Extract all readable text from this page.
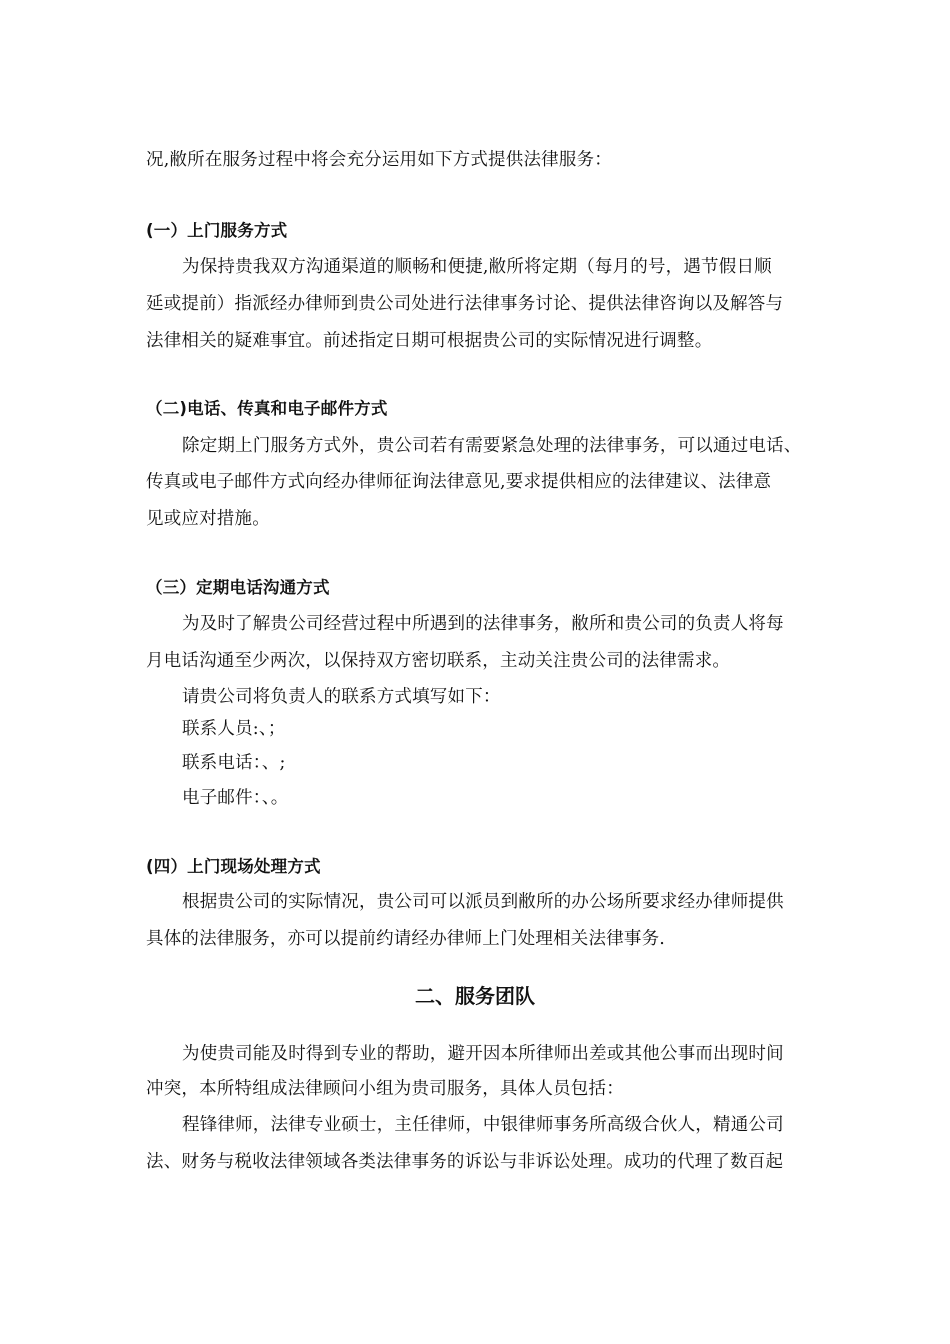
况,敝所在服务过程中将会充分运用如下方式提供法律服务：
(一）上门服务方式
为保持贵我双方沟通渠道的顺畅和便捷,敝所将定期（每月的号，遇节假日顺
延或提前）指派经办律师到贵公司处进行法律事务讨论、提供法律咨询以及解答与
法律相关的疑难事宜。前述指定日期可根据贵公司的实际情况进行调整。
（二)电话、传真和电子邮件方式
除定期上门服务方式外，贵公司若有需要紧急处理的法律事务，可以通过电话、
传真或电子邮件方式向经办律师征询法律意见,要求提供相应的法律建议、法律意
见或应对措施。
（三）定期电话沟通方式
为及时了解贵公司经营过程中所遇到的法律事务，敝所和贵公司的负责人将每
月电话沟通至少两次，以保持双方密切联系，主动关注贵公司的法律需求。
请贵公司将负责人的联系方式填写如下：
联系人员:、；
联系电话：、;
电子邮件：、。
(四）上门现场处理方式
根据贵公司的实际情况，贵公司可以派员到敝所的办公场所要求经办律师提供
具体的法律服务，亦可以提前约请经办律师上门处理相关法律事务.
二、服务团队
为使贵司能及时得到专业的帮助，避开因本所律师出差或其他公事而出现时间
冲突，本所特组成法律顾问小组为贵司服务，具体人员包括：
程锋律师，法律专业硕士，主任律师，中银律师事务所高级合伙人，精通公司
法、财务与税收法律领域各类法律事务的诉讼与非诉讼处理。成功的代理了数百起
